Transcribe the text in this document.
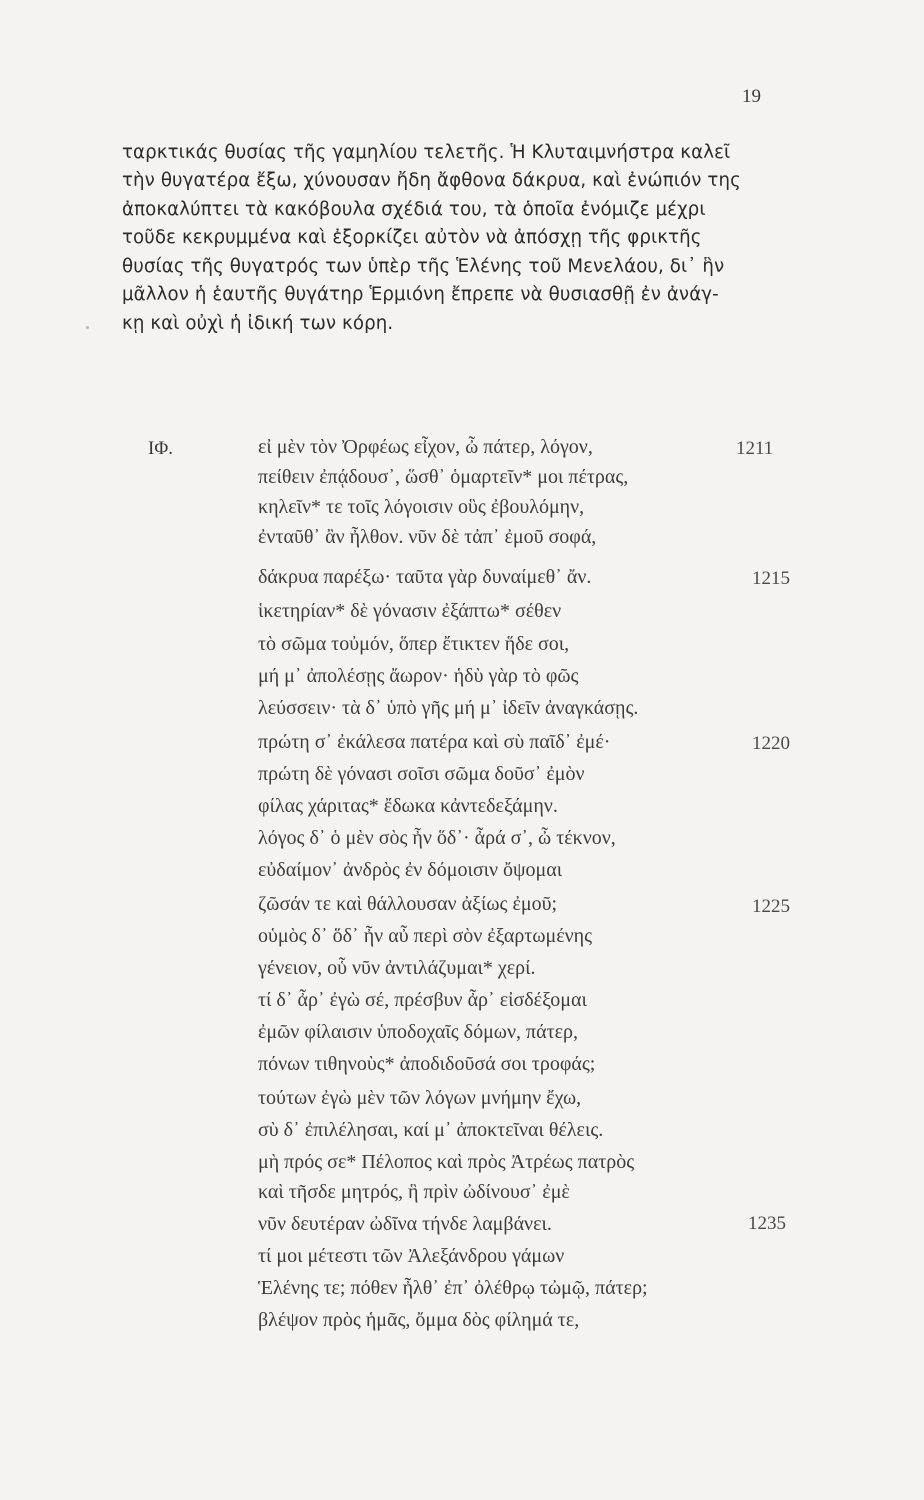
19
ταρκτικάς θυσίας τῆς γαμηλίου τελετῆς. Ἡ Κλυταιμνήστρα καλεῖ
τὴν θυγατέρα ἔξω, χύνουσαν ἤδη ἄφθονα δάκρυα, καὶ ἐνώπιόν της
ἀποκαλύπτει τὰ κακόβουλα σχέδιά του, τὰ ὁποῖα ἐνόμιζε μέχρι
τοῦδε κεκρυμμένα καὶ ἐξορκίζει αὐτὸν νὰ ἀπόσχῃ τῆς φρικτῆς
θυσίας τῆς θυγατρός των ὑπὲρ τῆς Ἑλένης τοῦ Μενελάου, δι᾽ ἣν
μᾶλλον ἡ ἑαυτῆς θυγάτηρ Ἑρμιόνη ἔπρεπε νὰ θυσιασθῇ ἐν ἀνάγ-
κῃ καὶ οὐχὶ ἡ ἰδική των κόρη.
ΙΦ.	εἰ μὲν τὸν Ὀρφέως εἶχον, ὦ πάτερ, λόγον,	1211
πείθειν ἐπᾴδουσ᾽, ὥσθ᾽ ὁμαρτεῖν* μοι πέτρας,
κηλεῖν* τε τοῖς λόγοισιν οὓς ἐβουλόμην,
ἐνταῦθ᾽ ἂν ἦλθον. νῦν δὲ τἀπ᾽ ἐμοῦ σοφά,
δάκρυα παρέξω· ταῦτα γὰρ δυναίμεθ᾽ ἄν.	1215
ἱκετηρίαν* δὲ γόνασιν ἐξάπτω* σέθεν
τὸ σῶμα τοὐμόν, ὅπερ ἔτικτεν ἥδε σοι,
μή μ᾽ ἀπολέσῃς ἄωρον· ἡδὺ γὰρ τὸ φῶς
λεύσσειν· τὰ δ᾽ ὑπὸ γῆς μή μ᾽ ἰδεῖν ἀναγκάσῃς.
πρώτη σ᾽ ἐκάλεσα πατέρα καὶ σὺ παῖδ᾽ ἐμέ·	1220
πρώτη δὲ γόνασι σοῖσι σῶμα δοῦσ᾽ ἐμὸν
φίλας χάριτας* ἔδωκα κἀντεδεξάμην.
λόγος δ᾽ ὁ μὲν σὸς ἦν ὅδ᾽· ἆρά σ᾽, ὦ τέκνον,
εὐδαίμον᾽ ἀνδρὸς ἐν δόμοισιν ὄψομαι
ζῶσάν τε καὶ θάλλουσαν ἀξίως ἐμοῦ;	1225
οὑμὸς δ᾽ ὅδ᾽ ἦν αὖ περὶ σὸν ἐξαρτωμένης
γένειον, οὗ νῦν ἀντιλάζυμαι* χερί.
τί δ᾽ ἆρ᾽ ἐγὼ σέ, πρέσβυν ἆρ᾽ εἰσδέξομαι
ἐμῶν φίλαισιν ὑποδοχαῖς δόμων, πάτερ,
πόνων τιθηνοὺς* ἀποδιδοῦσά σοι τροφάς;
τούτων ἐγὼ μὲν τῶν λόγων μνήμην ἔχω,
σὺ δ᾽ ἐπιλέλησαι, καί μ᾽ ἀποκτεῖναι θέλεις.
μὴ πρός σε* Πέλοπος καὶ πρὸς Ἀτρέως πατρὸς
καὶ τῆσδε μητρός, ἣ πρὶν ὠδίνουσ᾽ ἐμὲ
νῦν δευτέραν ὠδῖνα τήνδε λαμβάνει.	1235
τί μοι μέτεστι τῶν Ἀλεξάνδρου γάμων
Ἑλένης τε; πόθεν ἦλθ᾽ ἐπ᾽ ὀλέθρῳ τὠμῷ, πάτερ;
βλέψον πρὸς ἡμᾶς, ὄμμα δὸς φίλημά τε,
